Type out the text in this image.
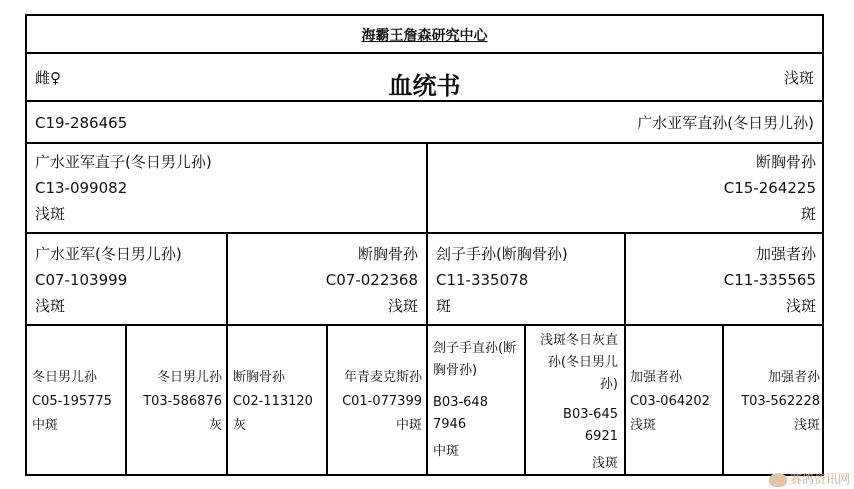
海霸王詹森研究中心
雌♀	血统书	浅斑
C19-286465	广水亚军直孙(冬日男儿孙)
广水亚军直子(冬日男儿孙)
C13-099082
浅斑
断胸骨孙
C15-264225
斑
广水亚军(冬日男儿孙)
C07-103999
浅斑
断胸骨孙
C07-022368
浅斑
刽子手孙(断胸骨孙)
C11-335078
斑
加强者孙
C11-335565
浅斑
冬日男儿孙
C05-195775
中斑
冬日男儿孙
T03-586876
灰
断胸骨孙
C02-113120
灰
年青麦克斯孙
C01-077399
中斑
刽子手直孙(断胸骨孙)
B03-6487946
中斑
浅斑冬日灰直孙(冬日男儿孙)
B03-6456921
浅斑
加强者孙
C03-064202
浅斑
加强者孙
T03-562228
浅斑
赛鸽资讯网
